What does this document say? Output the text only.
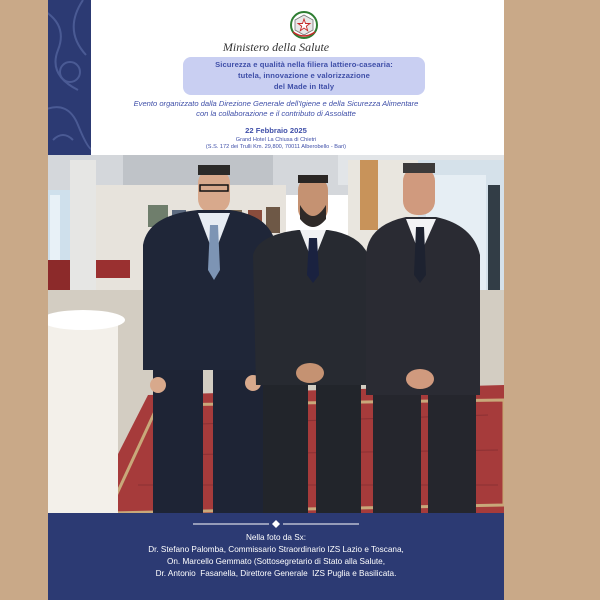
Ministero della Salute
Sicurezza e qualità nella filiera lattiero-casearia:
tutela, innovazione e valorizzazione
del Made in Italy
Evento organizzato dalla Direzione Generale dell'Igiene e della Sicurezza Alimentare
con la collaborazione e il contributo di Assolatte
22 Febbraio 2025
Grand Hotel La Chiusa di Chietri
(S.S. 172 dei Trulli Km. 29,800, 70011 Alberobello - Bari)
Nella foto da Sx:
Dr. Stefano Palomba, Commissario Straordinario IZS Lazio e Toscana,
On. Marcello Gemmato (Sottosegretario di Stato alla Salute,
Dr. Antonio  Fasanella, Direttore Generale  IZS Puglia e Basilicata.
